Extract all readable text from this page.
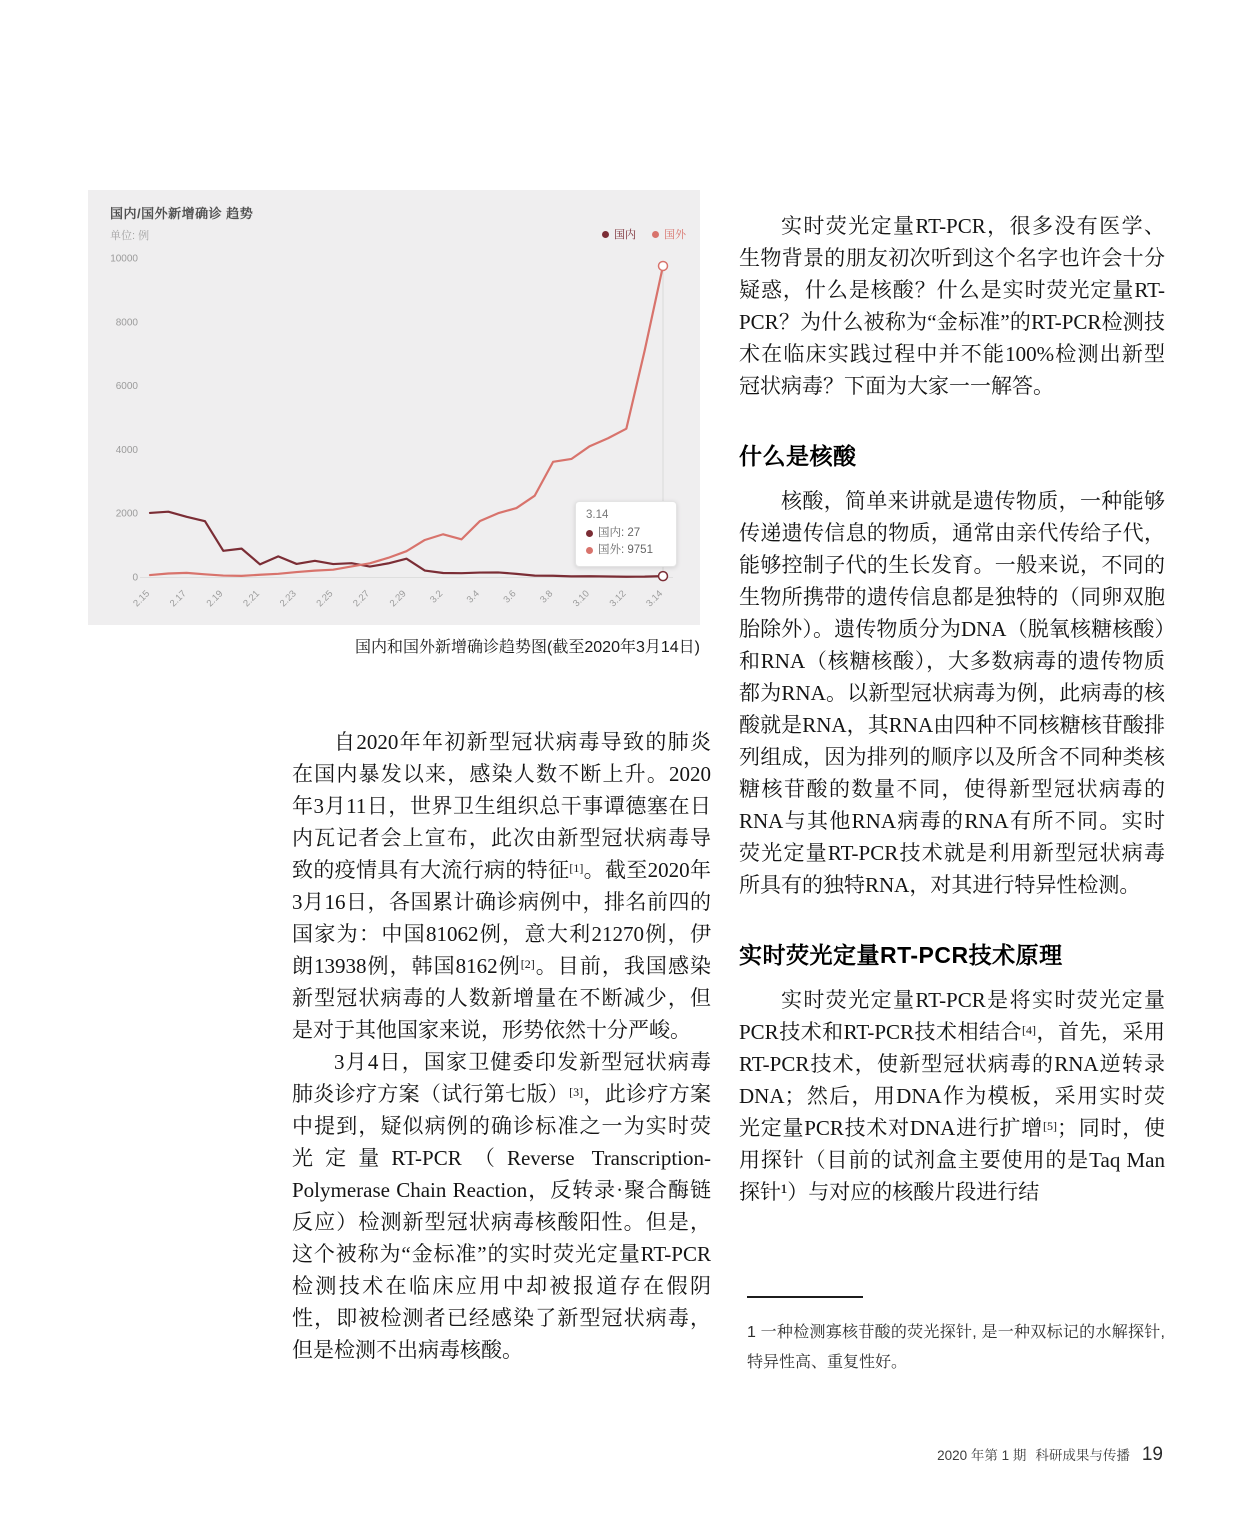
0
2000
4000
6000
8000
10000
2.15 2.17 2.19 2.21 2.23 2.25 2.27 2.29 3.2 3.4 3.6 3.8 3.10 3.12 3.14
国内/国外新增确诊 趋势
单位: 例	国内	国外
3.14
国内: 27
国外: 9751
国内和国外新增确诊趋势图(截至2020年3月14日)

自2020年年初新型冠状病毒导致的肺炎在国内暴发以来，感染人数不断上升。2020年3月11日，世界卫生组织总干事谭德塞在日内瓦记者会上宣布，此次由新型冠状病毒导致的疫情具有大流行病的特征[1]。截至2020年3月16日，各国累计确诊病例中，排名前四的国家为：中国81062例，意大利21270例，伊朗13938例，韩国8162例[2]。目前，我国感染新型冠状病毒的人数新增量在不断减少，但是对于其他国家来说，形势依然十分严峻。

3月4日，国家卫健委印发新型冠状病毒肺炎诊疗方案（试行第七版）[3]，此诊疗方案中提到，疑似病例的确诊标准之一为实时荧光定量RT-PCR（Reverse Transcription-Polymerase Chain Reaction，反转录·聚合酶链反应）检测新型冠状病毒核酸阳性。但是，这个被称为“金标准”的实时荧光定量RT-PCR检测技术在临床应用中却被报道存在假阴性，即被检测者已经感染了新型冠状病毒，但是检测不出病毒核酸。

实时荧光定量RT-PCR，很多没有医学、生物背景的朋友初次听到这个名字也许会十分疑惑，什么是核酸？什么是实时荧光定量RT-PCR？为什么被称为“金标准”的RT-PCR检测技术在临床实践过程中并不能100%检测出新型冠状病毒？下面为大家一一解答。

什么是核酸

核酸，简单来讲就是遗传物质，一种能够传递遗传信息的物质，通常由亲代传给子代，能够控制子代的生长发育。一般来说，不同的生物所携带的遗传信息都是独特的（同卵双胞胎除外）。遗传物质分为DNA（脱氧核糖核酸）和RNA（核糖核酸），大多数病毒的遗传物质都为RNA。以新型冠状病毒为例，此病毒的核酸就是RNA，其RNA由四种不同核糖核苷酸排列组成，因为排列的顺序以及所含不同种类核糖核苷酸的数量不同，使得新型冠状病毒的RNA与其他RNA病毒的RNA有所不同。实时荧光定量RT-PCR技术就是利用新型冠状病毒所具有的独特RNA，对其进行特异性检测。

实时荧光定量RT-PCR技术原理

实时荧光定量RT-PCR是将实时荧光定量PCR技术和RT-PCR技术相结合[4]，首先，采用RT-PCR技术，使新型冠状病毒的RNA逆转录DNA；然后，用DNA作为模板，采用实时荧光定量PCR技术对DNA进行扩增[5]；同时，使用探针（目前的试剂盒主要使用的是Taq Man探针¹）与对应的核酸片段进行结

1 一种检测寡核苷酸的荧光探针, 是一种双标记的水解探针,特异性高、重复性好。

2020 年第 1 期 科研成果与传播 19
